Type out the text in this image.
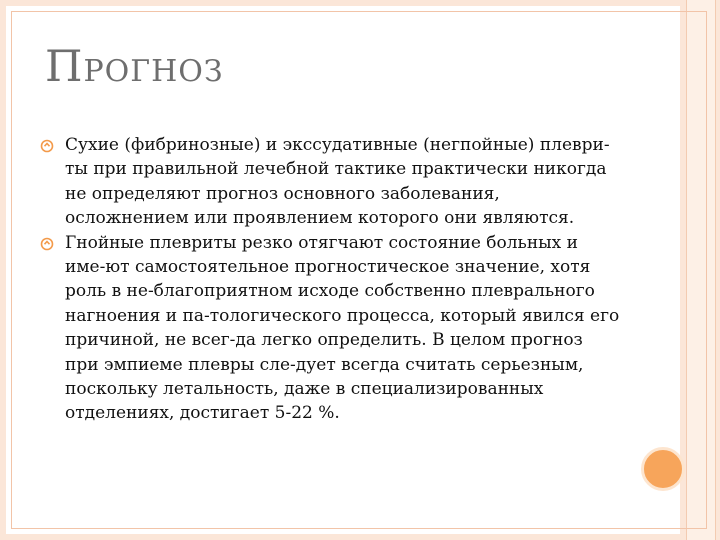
ПРОГНОЗ

Сухие (фибринозные) и экссудативные (негпойные) плеври-ты при правильной лечебной тактике практически никогда не определяют прогноз основного заболевания, осложнением или проявлением которого они являются.

Гнойные плевриты резко отягчают состояние больных и име-ют самостоятельное прогностическое значение, хотя роль в не-благоприятном исходе собственно плеврального нагноения и па-тологического процесса, который явился его причиной, не всег-да легко определить. В целом прогноз при эмпиеме плевры сле-дует всегда считать серьезным, поскольку летальность, даже в специализированных отделениях, достигает 5-22 %.
